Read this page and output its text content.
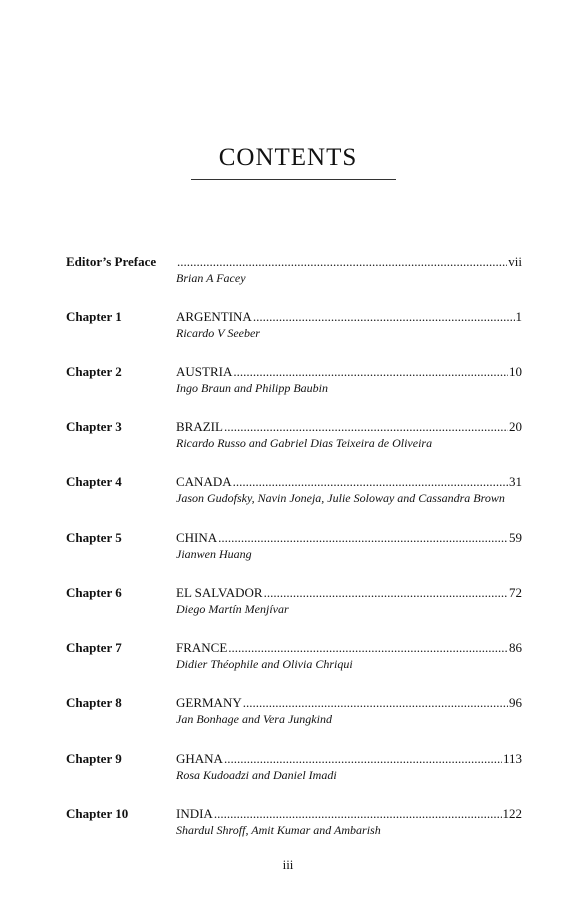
CONTENTS
Editor’s Preface .....	vii
Brian A Facey
Chapter 1	ARGENTINA .....	1
Ricardo V Seeber
Chapter 2	AUSTRIA .....	10
Ingo Braun and Philipp Baubin
Chapter 3	BRAZIL .....	20
Ricardo Russo and Gabriel Dias Teixeira de Oliveira
Chapter 4	CANADA .....	31
Jason Gudofsky, Navin Joneja, Julie Soloway and Cassandra Brown
Chapter 5	CHINA .....	59
Jianwen Huang
Chapter 6	EL SALVADOR .....	72
Diego Martín Menjívar
Chapter 7	FRANCE .....	86
Didier Théophile and Olivia Chriqui
Chapter 8	GERMANY .....	96
Jan Bonhage and Vera Jungkind
Chapter 9	GHANA .....	113
Rosa Kudoadzi and Daniel Imadi
Chapter 10	INDIA .....	122
Shardul Shroff, Amit Kumar and Ambarish
iii
